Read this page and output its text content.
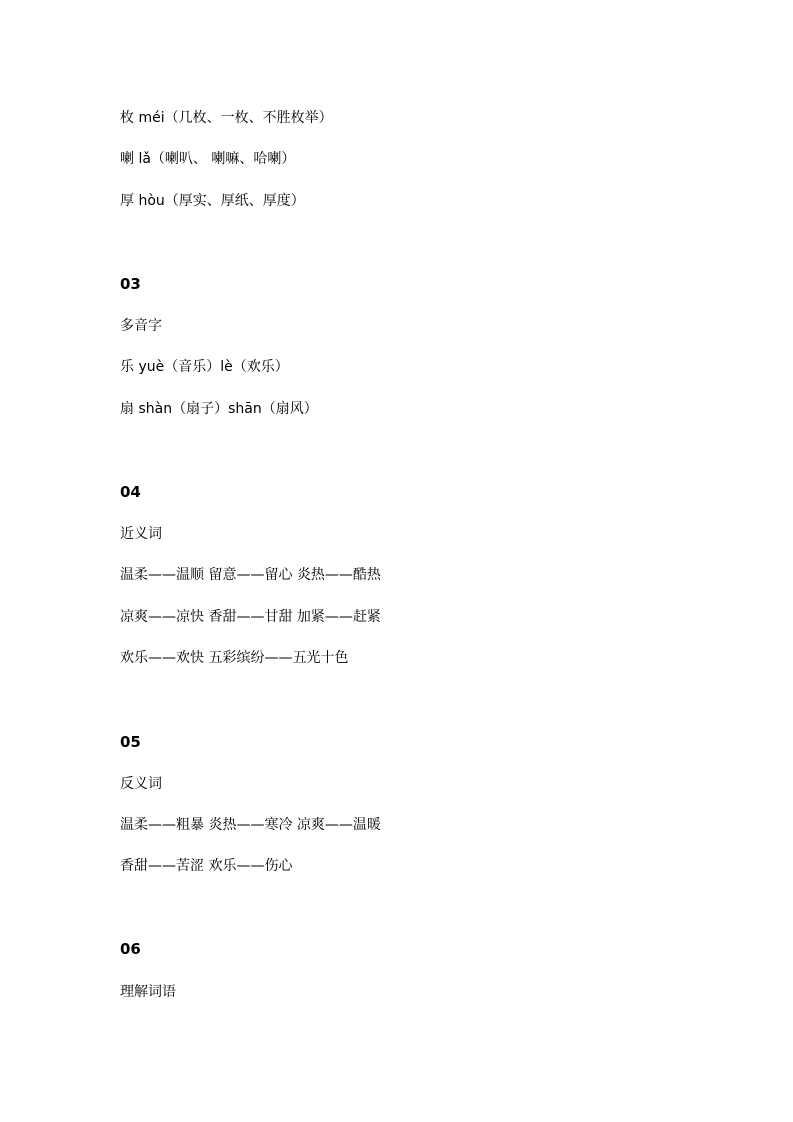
枚 méi（几枚、一枚、不胜枚举）
喇 lǎ（喇叭、 喇嘛、哈喇）
厚 hòu（厚实、厚纸、厚度）
03
多音字
乐 yuè（音乐）lè（欢乐）
扇 shàn（扇子）shān（扇风）
04
近义词
温柔——温顺 留意——留心 炎热——酷热
凉爽——凉快 香甜——甘甜 加紧——赶紧
欢乐——欢快 五彩缤纷——五光十色
05
反义词
温柔——粗暴 炎热——寒冷 凉爽——温暖
香甜——苦涩 欢乐——伤心
06
理解词语
